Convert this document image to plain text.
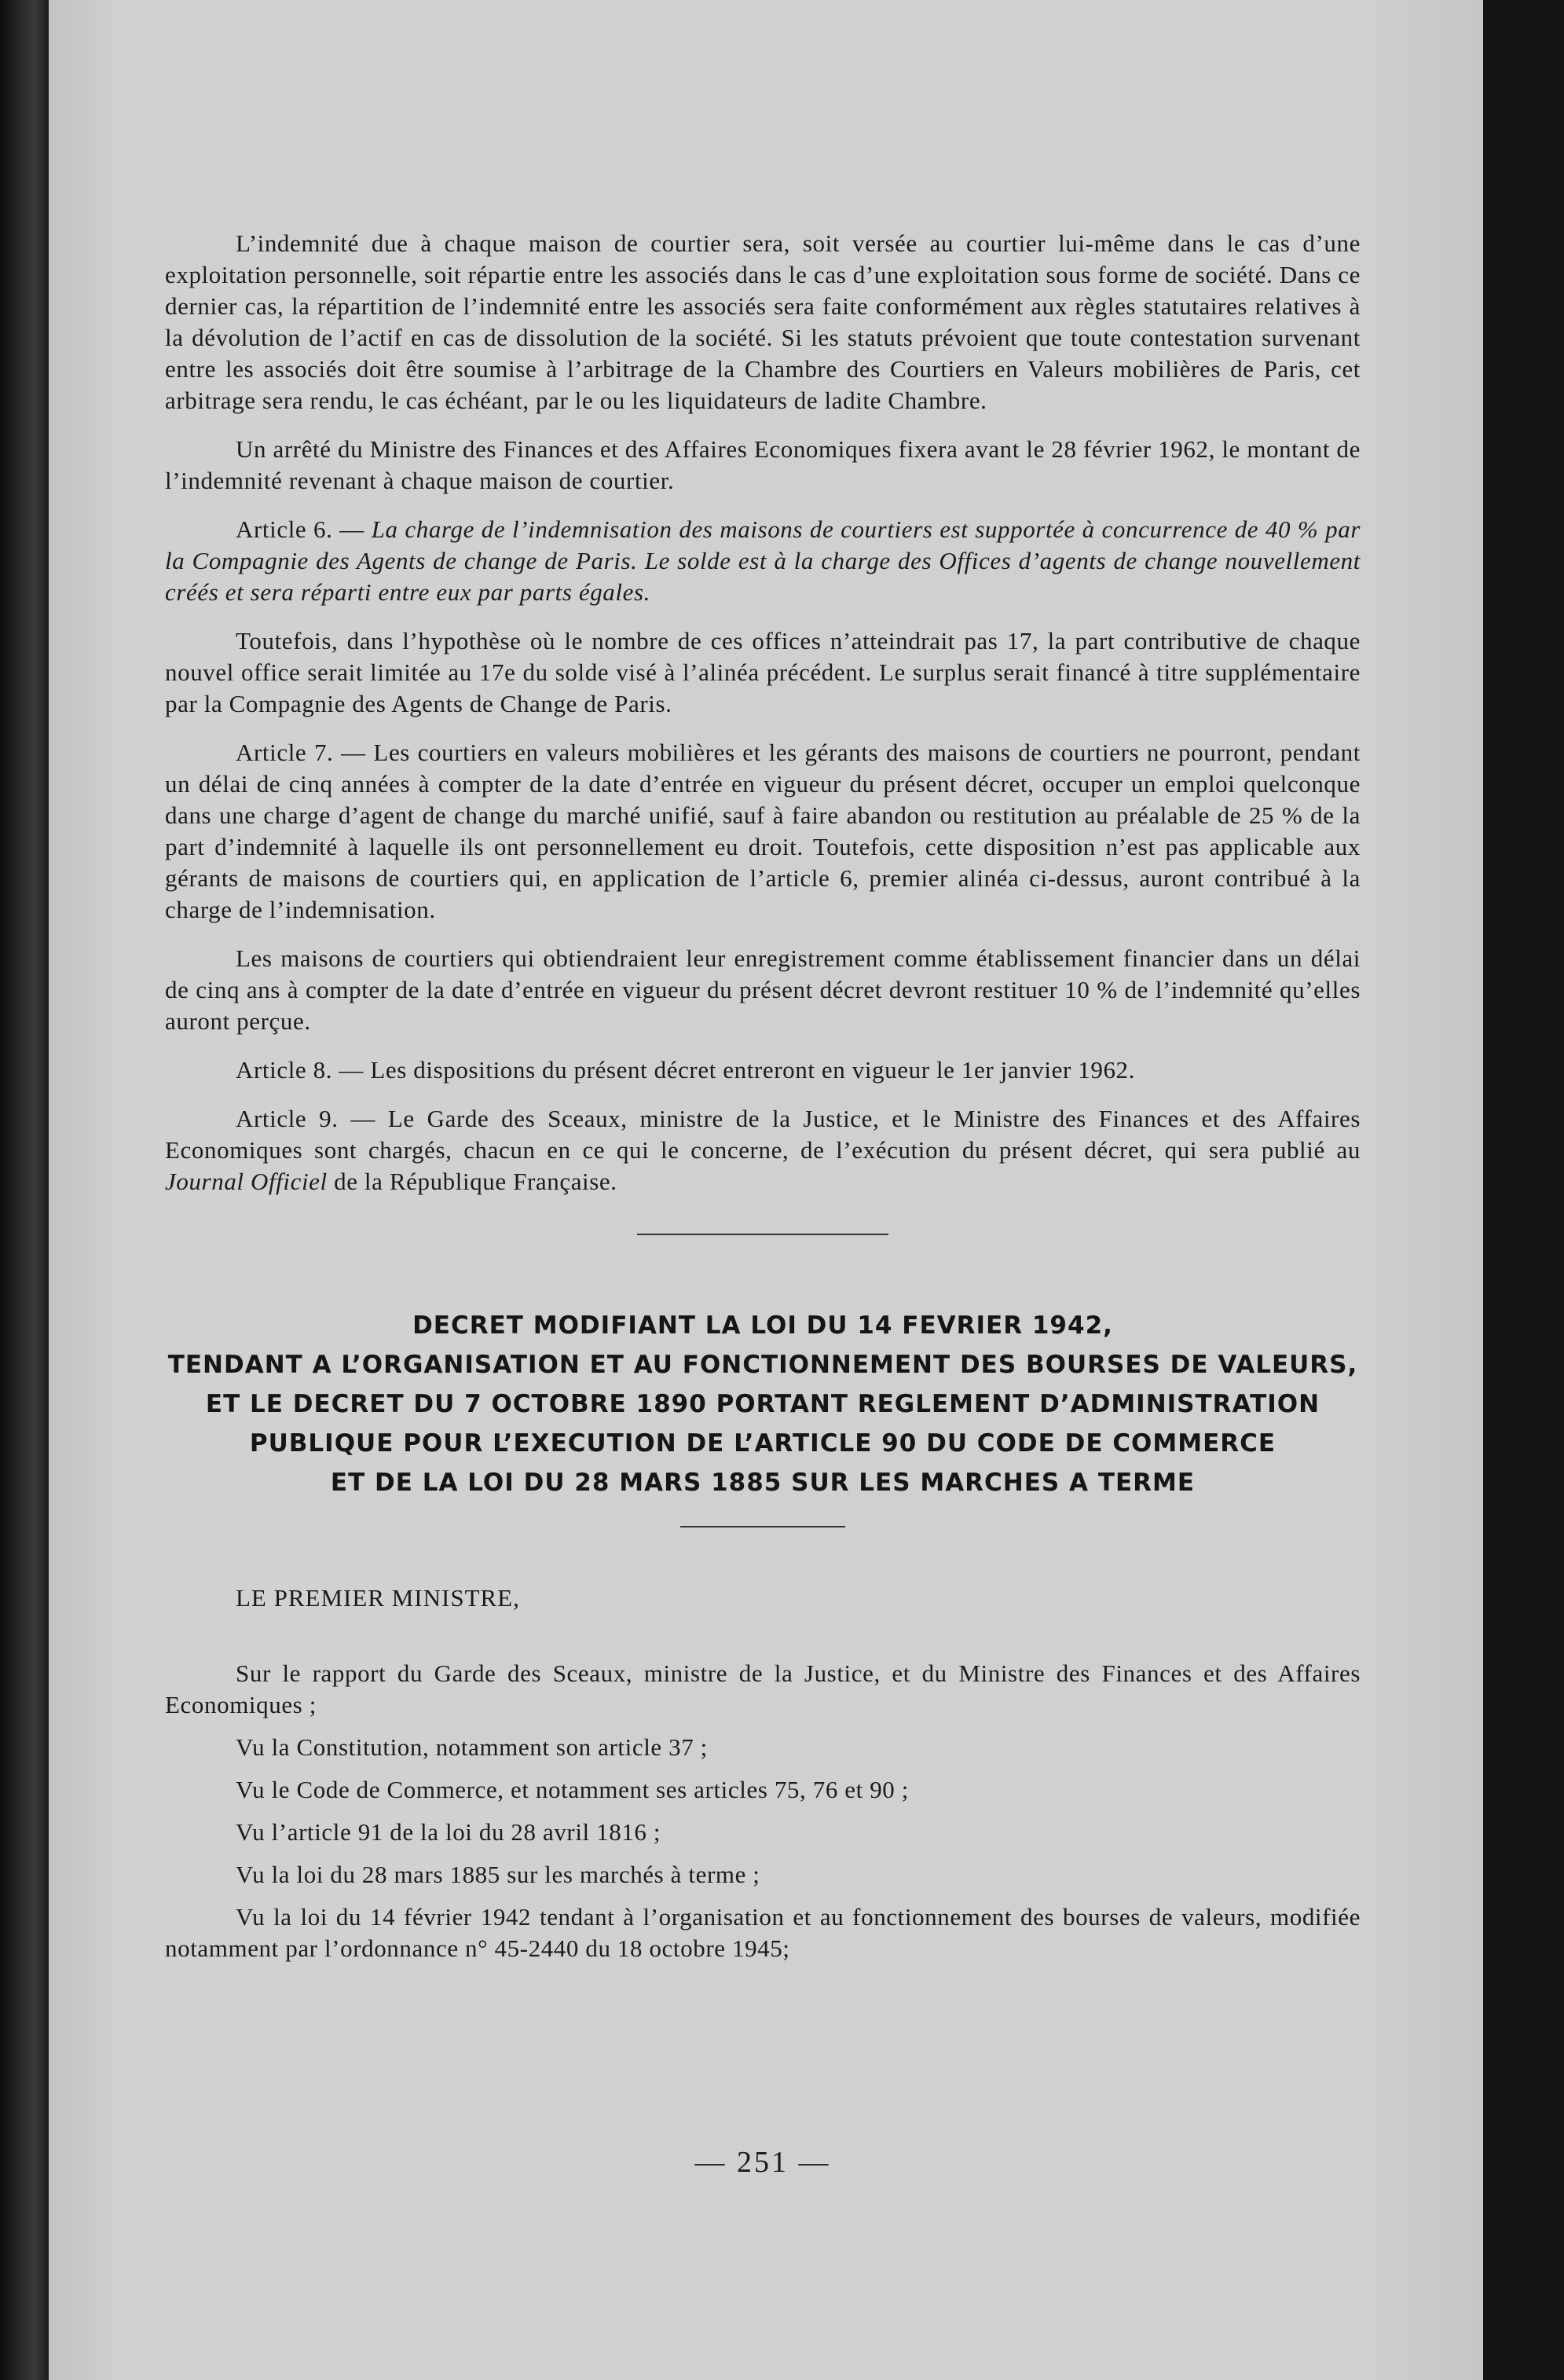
L’indemnité due à chaque maison de courtier sera, soit versée au courtier lui-même dans le cas d’une exploitation personnelle, soit répartie entre les associés dans le cas d’une exploitation sous forme de société. Dans ce dernier cas, la répartition de l’indemnité entre les associés sera faite conformément aux règles statutaires relatives à la dévolution de l’actif en cas de dissolution de la société. Si les statuts prévoient que toute contestation survenant entre les associés doit être soumise à l’arbitrage de la Chambre des Courtiers en Valeurs mobilières de Paris, cet arbitrage sera rendu, le cas échéant, par le ou les liquidateurs de ladite Chambre.

Un arrêté du Ministre des Finances et des Affaires Economiques fixera avant le 28 février 1962, le montant de l’indemnité revenant à chaque maison de courtier.

Article 6. — La charge de l’indemnisation des maisons de courtiers est supportée à concurrence de 40 % par la Compagnie des Agents de change de Paris. Le solde est à la charge des Offices d’agents de change nouvellement créés et sera réparti entre eux par parts égales.

Toutefois, dans l’hypothèse où le nombre de ces offices n’atteindrait pas 17, la part contributive de chaque nouvel office serait limitée au 17e du solde visé à l’alinéa précédent. Le surplus serait financé à titre supplémentaire par la Compagnie des Agents de Change de Paris.

Article 7. — Les courtiers en valeurs mobilières et les gérants des maisons de courtiers ne pourront, pendant un délai de cinq années à compter de la date d’entrée en vigueur du présent décret, occuper un emploi quelconque dans une charge d’agent de change du marché unifié, sauf à faire abandon ou restitution au préalable de 25 % de la part d’indemnité à laquelle ils ont personnellement eu droit. Toutefois, cette disposition n’est pas applicable aux gérants de maisons de courtiers qui, en application de l’article 6, premier alinéa ci-dessus, auront contribué à la charge de l’indemnisation.

Les maisons de courtiers qui obtiendraient leur enregistrement comme établissement financier dans un délai de cinq ans à compter de la date d’entrée en vigueur du présent décret devront restituer 10 % de l’indemnité qu’elles auront perçue.

Article 8. — Les dispositions du présent décret entreront en vigueur le 1er janvier 1962.

Article 9. — Le Garde des Sceaux, ministre de la Justice, et le Ministre des Finances et des Affaires Economiques sont chargés, chacun en ce qui le concerne, de l’exécution du présent décret, qui sera publié au Journal Officiel de la République Française.

DECRET MODIFIANT LA LOI DU 14 FEVRIER 1942,
TENDANT A L’ORGANISATION ET AU FONCTIONNEMENT DES BOURSES DE VALEURS,
ET LE DECRET DU 7 OCTOBRE 1890 PORTANT REGLEMENT D’ADMINISTRATION
PUBLIQUE POUR L’EXECUTION DE L’ARTICLE 90 DU CODE DE COMMERCE
ET DE LA LOI DU 28 MARS 1885 SUR LES MARCHES A TERME

LE PREMIER MINISTRE,

Sur le rapport du Garde des Sceaux, ministre de la Justice, et du Ministre des Finances et des Affaires Economiques ;

Vu la Constitution, notamment son article 37 ;

Vu le Code de Commerce, et notamment ses articles 75, 76 et 90 ;

Vu l’article 91 de la loi du 28 avril 1816 ;

Vu la loi du 28 mars 1885 sur les marchés à terme ;

Vu la loi du 14 février 1942 tendant à l’organisation et au fonctionnement des bourses de valeurs, modifiée notamment par l’ordonnance n° 45-2440 du 18 octobre 1945;

— 251 —
